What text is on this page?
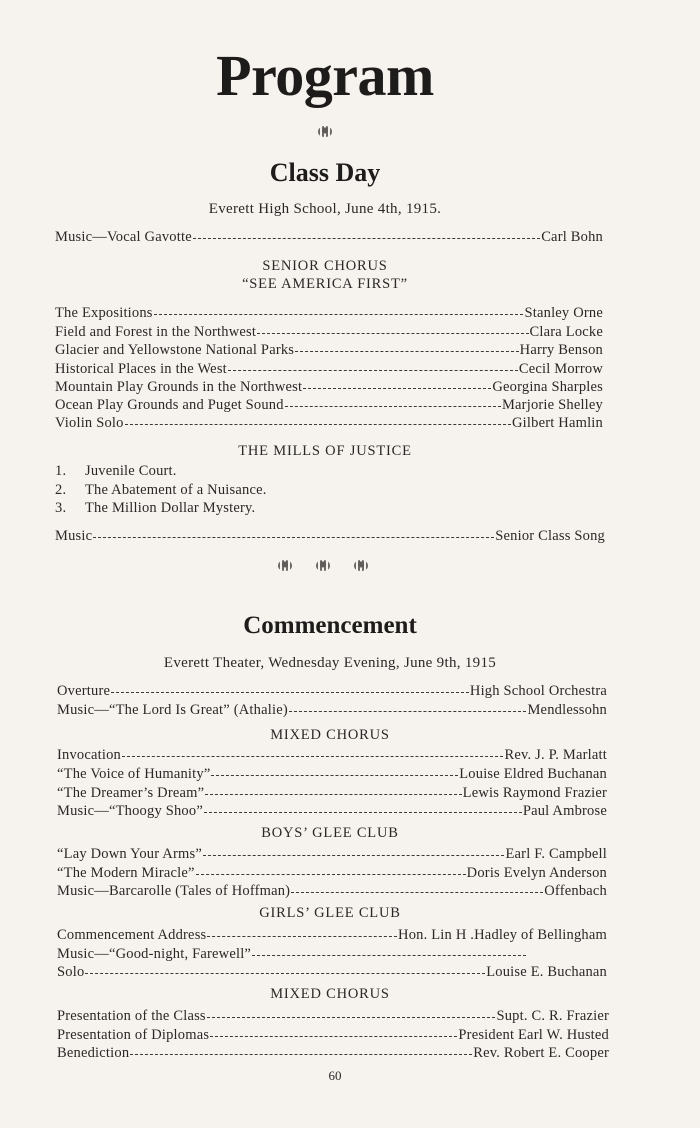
Program
Class Day
Everett High School, June 4th, 1915.
Music—Vocal Gavotte	Carl Bohn
SENIOR CHORUS
“SEE AMERICA FIRST”
The Expositions	Stanley Orne
Field and Forest in the Northwest	Clara Locke
Glacier and Yellowstone National Parks	Harry Benson
Historical Places in the West	Cecil Morrow
Mountain Play Grounds in the Northwest	Georgina Sharples
Ocean Play Grounds and Puget Sound	Marjorie Shelley
Violin Solo	Gilbert Hamlin
THE MILLS OF JUSTICE
1. Juvenile Court.
2. The Abatement of a Nuisance.
3. The Million Dollar Mystery.
Music	Senior Class Song
Commencement
Everett Theater, Wednesday Evening, June 9th, 1915
Overture	High School Orchestra
Music—“The Lord Is Great” (Athalie)	Mendlessohn
MIXED CHORUS
Invocation	Rev. J. P. Marlatt
“The Voice of Humanity”	Louise Eldred Buchanan
“The Dreamer’s Dream”	Lewis Raymond Frazier
Music—“Thoogy Shoo”	Paul Ambrose
BOYS’ GLEE CLUB
“Lay Down Your Arms”	Earl F. Campbell
“The Modern Miracle”	Doris Evelyn Anderson
Music—Barcarolle (Tales of Hoffman)	Offenbach
GIRLS’ GLEE CLUB
Commencement Address	Hon. Lin H .Hadley of Bellingham
Music—“Good-night, Farewell”
Solo	Louise E. Buchanan
MIXED CHORUS
Presentation of the Class	Supt. C. R. Frazier
Presentation of Diplomas	President Earl W. Husted
Benediction	Rev. Robert E. Cooper
60
